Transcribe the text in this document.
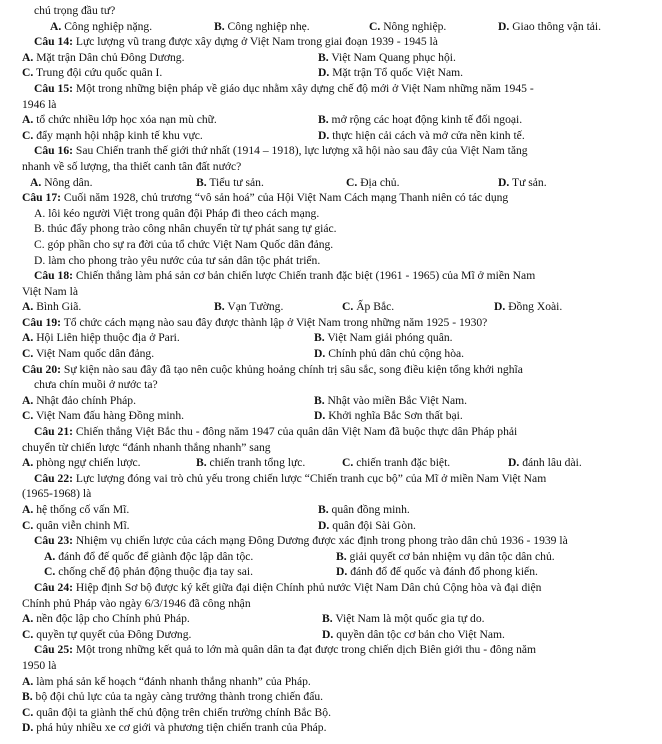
chú trọng đầu tư?
A. Công nghiệp nặng.	B. Công nghiệp nhẹ.	C. Nông nghiệp.	D. Giao thông vận tải.
Câu 14: Lực lượng vũ trang được xây dựng ở Việt Nam trong giai đoạn 1939 - 1945 là
A. Mặt trận Dân chủ Đông Dương.	B. Việt Nam Quang phục hội.
C. Trung đội cứu quốc quân I.	D. Mặt trận Tổ quốc Việt Nam.
Câu 15: Một trong những biện pháp về giáo dục nhằm xây dựng chế độ mới ở Việt Nam những năm 1945 -
1946 là
A. tổ chức nhiều lớp học xóa nạn mù chữ.	B. mở rộng các hoạt động kinh tế đối ngoại.
C. đẩy mạnh hội nhập kinh tế khu vực.	D. thực hiện cải cách và mở cửa nền kinh tế.
Câu 16: Sau Chiến tranh thế giới thứ nhất (1914 – 1918), lực lượng xã hội nào sau đây của Việt Nam tăng
nhanh về số lượng, tha thiết canh tân đất nước?
A. Nông dân.	B. Tiểu tư sản.	C. Địa chủ.	D. Tư sản.
Câu 17: Cuối năm 1928, chủ trương “vô sản hoá” của Hội Việt Nam Cách mạng Thanh niên có tác dụng
A. lôi kéo người Việt trong quân đội Pháp đi theo cách mạng.
B. thúc đẩy phong trào công nhân chuyển từ tự phát sang tự giác.
C. góp phần cho sự ra đời của tổ chức Việt Nam Quốc dân đảng.
D. làm cho phong trào yêu nước của tư sản dân tộc phát triển.
Câu 18: Chiến thắng làm phá sản cơ bản chiến lược Chiến tranh đặc biệt (1961 - 1965) của Mĩ ở miền Nam
Việt Nam là
A. Bình Giã.	B. Vạn Tường.	C. Ấp Bắc.	D. Đồng Xoài.
Câu 19: Tổ chức cách mạng nào sau đây được thành lập ở Việt Nam trong những năm 1925 - 1930?
A. Hội Liên hiệp thuộc địa ở Pari.	B. Việt Nam giải phóng quân.
C. Việt Nam quốc dân đảng.	D. Chính phủ dân chủ cộng hòa.
Câu 20: Sự kiện nào sau đây đã tạo nên cuộc khủng hoảng chính trị sâu sắc, song điều kiện tổng khởi nghĩa
chưa chín muồi ở nước ta?
A. Nhật đảo chính Pháp.	B. Nhật vào miền Bắc Việt Nam.
C. Việt Nam đấu hàng Đồng minh.	D. Khởi nghĩa Bắc Sơn thất bại.
Câu 21: Chiến thắng Việt Bắc thu - đông năm 1947 của quân dân Việt Nam đã buộc thực dân Pháp phải
chuyển từ chiến lược “đánh nhanh thắng nhanh” sang
A. phòng ngự chiến lược.	B. chiến tranh tổng lực.	C. chiến tranh đặc biệt.	D. đánh lâu dài.
Câu 22: Lực lượng đóng vai trò chủ yếu trong chiến lược “Chiến tranh cục bộ” của Mĩ ở miền Nam Việt Nam
(1965-1968) là
A. hệ thống cố vấn Mĩ.	B. quân đồng minh.
C. quân viễn chinh Mĩ.	D. quân đội Sài Gòn.
Câu 23: Nhiệm vụ chiến lược của cách mạng Đông Dương được xác định trong phong trào dân chủ 1936 - 1939 là
A. đánh đổ đế quốc để giành độc lập dân tộc.	B. giải quyết cơ bản nhiệm vụ dân tộc dân chủ.
C. chống chế độ phản động thuộc địa tay sai.	D. đánh đổ đế quốc và đánh đổ phong kiến.
Câu 24: Hiệp định Sơ bộ được ký kết giữa đại diện Chính phủ nước Việt Nam Dân chủ Cộng hòa và đại diện
Chính phủ Pháp vào ngày 6/3/1946 đã công nhận
A. nền độc lập cho Chính phủ Pháp.	B. Việt Nam là một quốc gia tự do.
C. quyền tự quyết của Đông Dương.	D. quyền dân tộc cơ bản cho Việt Nam.
Câu 25: Một trong những kết quả to lớn mà quân dân ta đạt được trong chiến dịch Biên giới thu - đông năm
1950 là
A. làm phá sản kế hoạch “đánh nhanh thắng nhanh” của Pháp.
B. bộ đội chủ lực của ta ngày càng trưởng thành trong chiến đấu.
C. quân đội ta giành thế chủ động trên chiến trường chính Bắc Bộ.
D. phá hủy nhiều xe cơ giới và phương tiện chiến tranh của Pháp.
